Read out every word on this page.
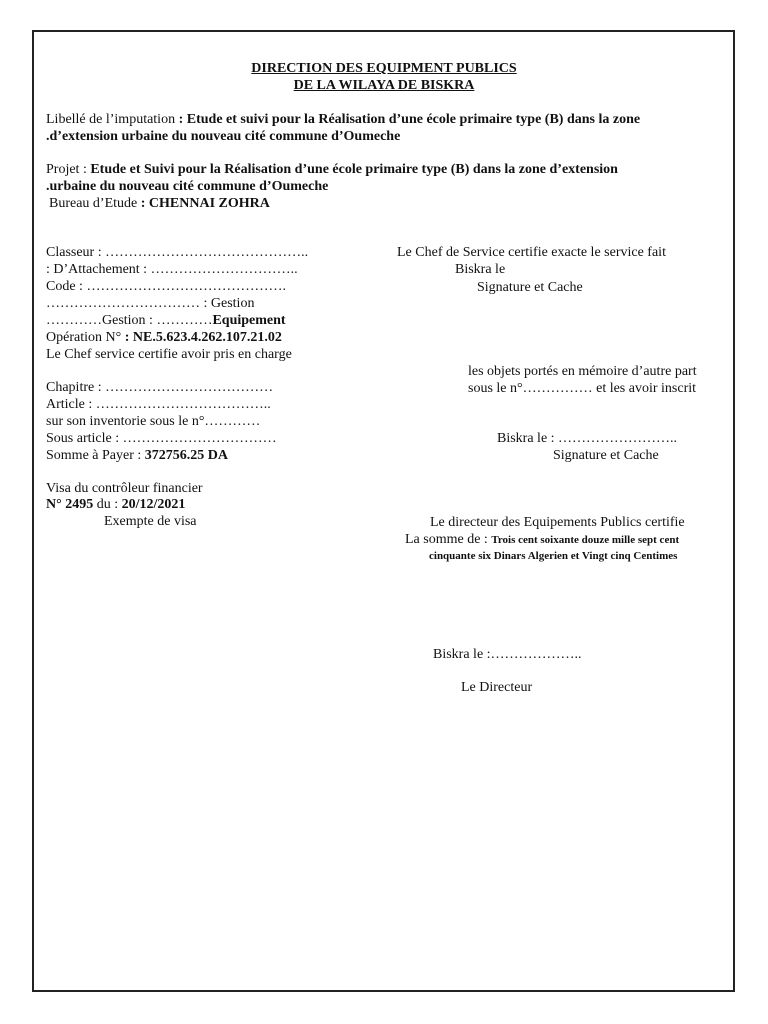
DIRECTION DES EQUIPMENT PUBLICS
DE LA WILAYA DE BISKRA
Libellé de l’imputation : Etude et suivi pour la Réalisation d’une école primaire type (B) dans la zone
.d’extension urbaine du nouveau cité commune d’Oumeche
Projet : Etude et Suivi pour la Réalisation d’une école primaire type (B) dans la zone d’extension
.urbaine du nouveau cité commune d’Oumeche
Bureau d’Etude : CHENNAI ZOHRA
Classeur : ……………………………………..
: D’Attachement : …………………………..
Code : …………………………………….
…………………………… : Gestion
…………Gestion : …………Equipement
Opération N° : NE.5.623.4.262.107.21.02
Le Chef service certifie avoir pris en charge
Chapitre : ………………………………
Article : ………………………………..
sur son inventorie sous le n°…………
Sous article : ……………………………
Somme à Payer : 372756.25 DA
Le Chef de Service certifie exacte le service fait
Biskra le
Signature et Cache
les objets portés en mémoire d’autre part
sous le n°…………… et les avoir inscrit
Biskra le : ……………………..
Signature et Cache
Visa du contrôleur financier
N° 2495 du : 20/12/2021
Exempte de visa	Le directeur des Equipements Publics certifie
La somme de : Trois cent soixante douze mille sept cent
cinquante six Dinars Algerien et Vingt cinq Centimes
Biskra le :………………..
Le Directeur
